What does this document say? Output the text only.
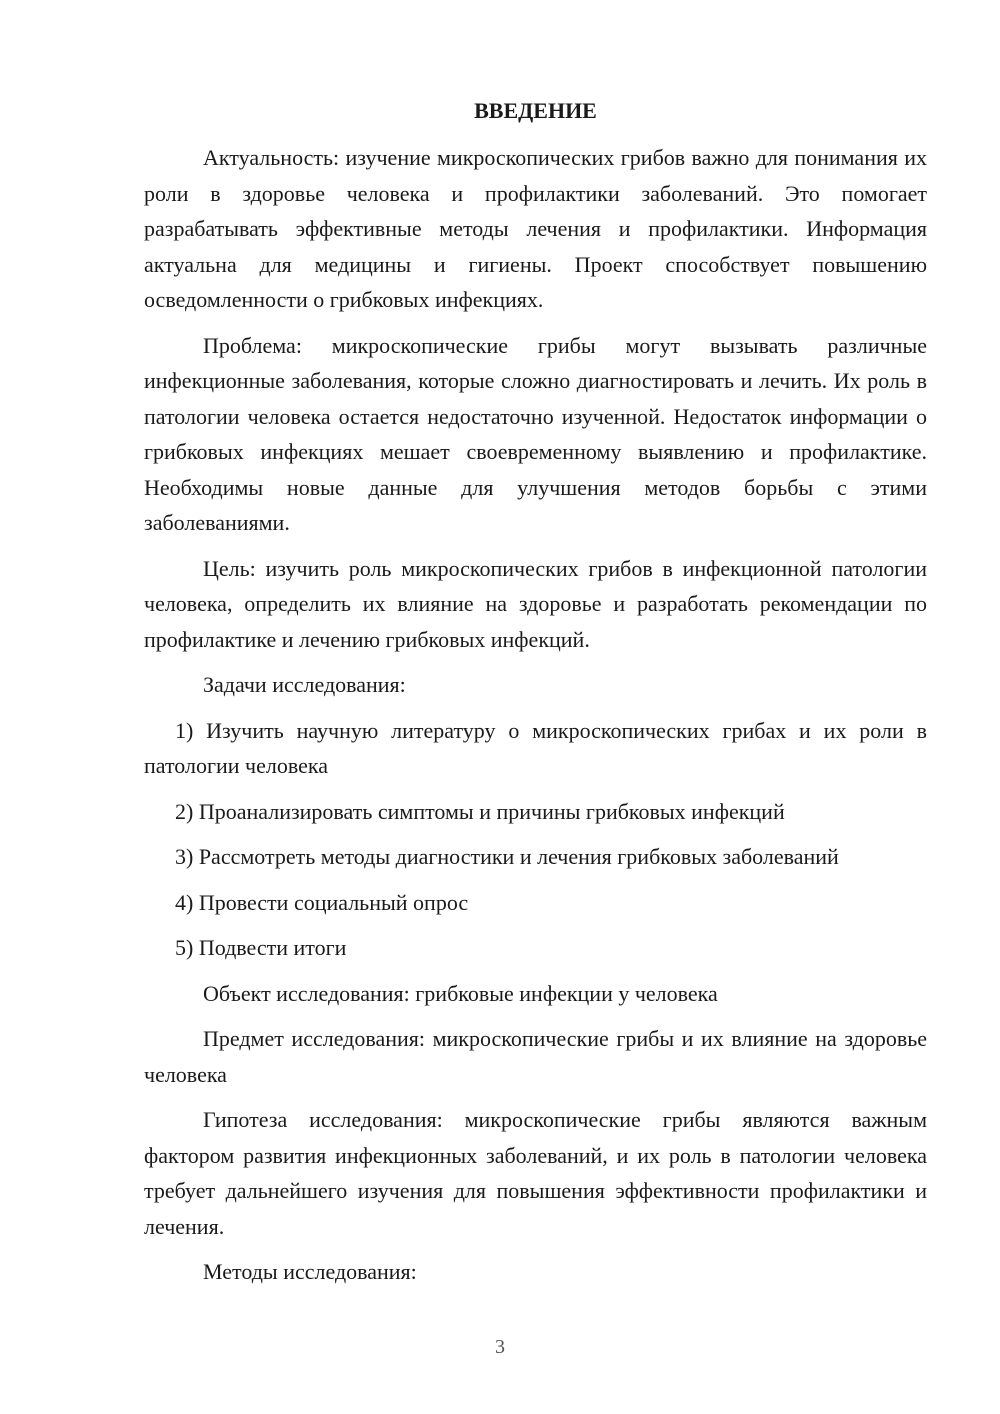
ВВЕДЕНИЕ

Актуальность: изучение микроскопических грибов важно для понимания их роли в здоровье человека и профилактики заболеваний. Это помогает разрабатывать эффективные методы лечения и профилактики. Информация актуальна для медицины и гигиены. Проект способствует повышению осведомленности о грибковых инфекциях.

Проблема: микроскопические грибы могут вызывать различные инфекционные заболевания, которые сложно диагностировать и лечить. Их роль в патологии человека остается недостаточно изученной. Недостаток информации о грибковых инфекциях мешает своевременному выявлению и профилактике. Необходимы новые данные для улучшения методов борьбы с этими заболеваниями.

Цель: изучить роль микроскопических грибов в инфекционной патологии человека, определить их влияние на здоровье и разработать рекомендации по профилактике и лечению грибковых инфекций.

Задачи исследования:

1) Изучить научную литературу о микроскопических грибах и их роли в патологии человека

2) Проанализировать симптомы и причины грибковых инфекций

3) Рассмотреть методы диагностики и лечения грибковых заболеваний

4) Провести социальный опрос

5) Подвести итоги

Объект исследования: грибковые инфекции у человека

Предмет исследования: микроскопические грибы и их влияние на здоровье человека

Гипотеза исследования: микроскопические грибы являются важным фактором развития инфекционных заболеваний, и их роль в патологии человека требует дальнейшего изучения для повышения эффективности профилактики и лечения.

Методы исследования:

3
